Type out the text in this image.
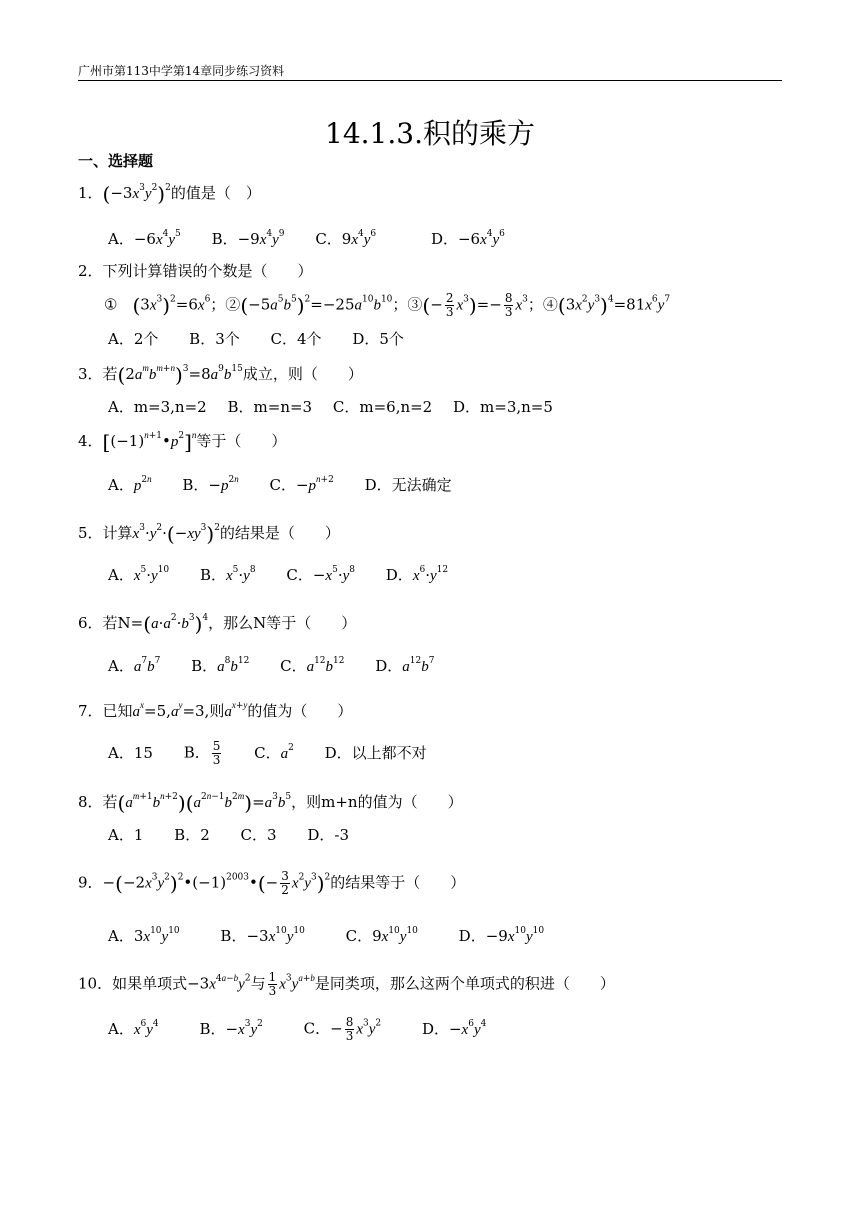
广州市第113中学第14章同步练习资料
14.1.3.积的乘方
一、选择题
1．$(-3x^3y^2)^2$的值是（　）
A．$-6x^4y^5$ B．$-9x^4y^9$ C．$9x^4y^6$	D．$-6x^4y^6$
2．下列计算错误的个数是（　　）
①　$(3x^3)^2=6x^6$；$②(-5a^5b^5)^2=-25a^{10}b^{10}$；③(− $\frac{2}{3} x^3)=- \frac{8}{3} x^3$；$④(3x^2y^3)^4=81x^6y^7$
A．2个 B．3个 C．4个 D．5个
3．若$(2a^mb^{m+n})^3=8a^9b^{15}$成立，则（　　）
A．m=3,n=2 B．m=n=3 C．m=6,n=2 D．m=3,n=5
4．$[(-1)^{n+1}•p^2]^n$等于（　　）
A．$p^{2n}$ B．$-p^{2n}$ C．$-p^{n+2}$ D．无法确定
5．计算$x^3\cdot y^2\cdot(-xy^3)^2$的结果是（　　）
A．$x^5\cdot y^{10}$ B．$x^5\cdot y^8$ C．$-x^5\cdot y^8$ D．$x^6\cdot y^{12}$
6．若$N=(a\cdot a^2\cdot b^3)^4$，那么N等于（　　）
A．$a^7b^7$ B．$a^8b^{12}$ C．$a^{12}b^{12}$ D．$a^{12}b^7$
7．已知$a^x=5,a^y=3$,则$a^{x+y}$的值为（　　）
A．15 B． $\frac{5}{3}$ C．$a^2$ D．以上都不对
8．若$(a^{m+1}b^{n+2})(a^{2n-1}b^{2m})=a^3b^5$，则m+n的值为（　　）
A．1 B．2 C．3 D．-3
9．$-(-2x^3y^2)^2•(-1)^{2003}•(- \frac{3}{2} x^2y^3)^2$的结果等于（　　）
A．$3x^{10}y^{10}$	B．$-3x^{10}y^{10}$	C．$9x^{10}y^{10}$	D．$-9x^{10}y^{10}$
10．如果单项式$-3x^{4a-b}y^2$与 $\frac{1}{3} x^3y^{a+b}$是同类项，那么这两个单项式的积进（　　）
A．$x^6y^4$	B．$-x^3y^2$	C．− $\frac{8}{3} x^3y^2$	D．$-x^6y^4$
